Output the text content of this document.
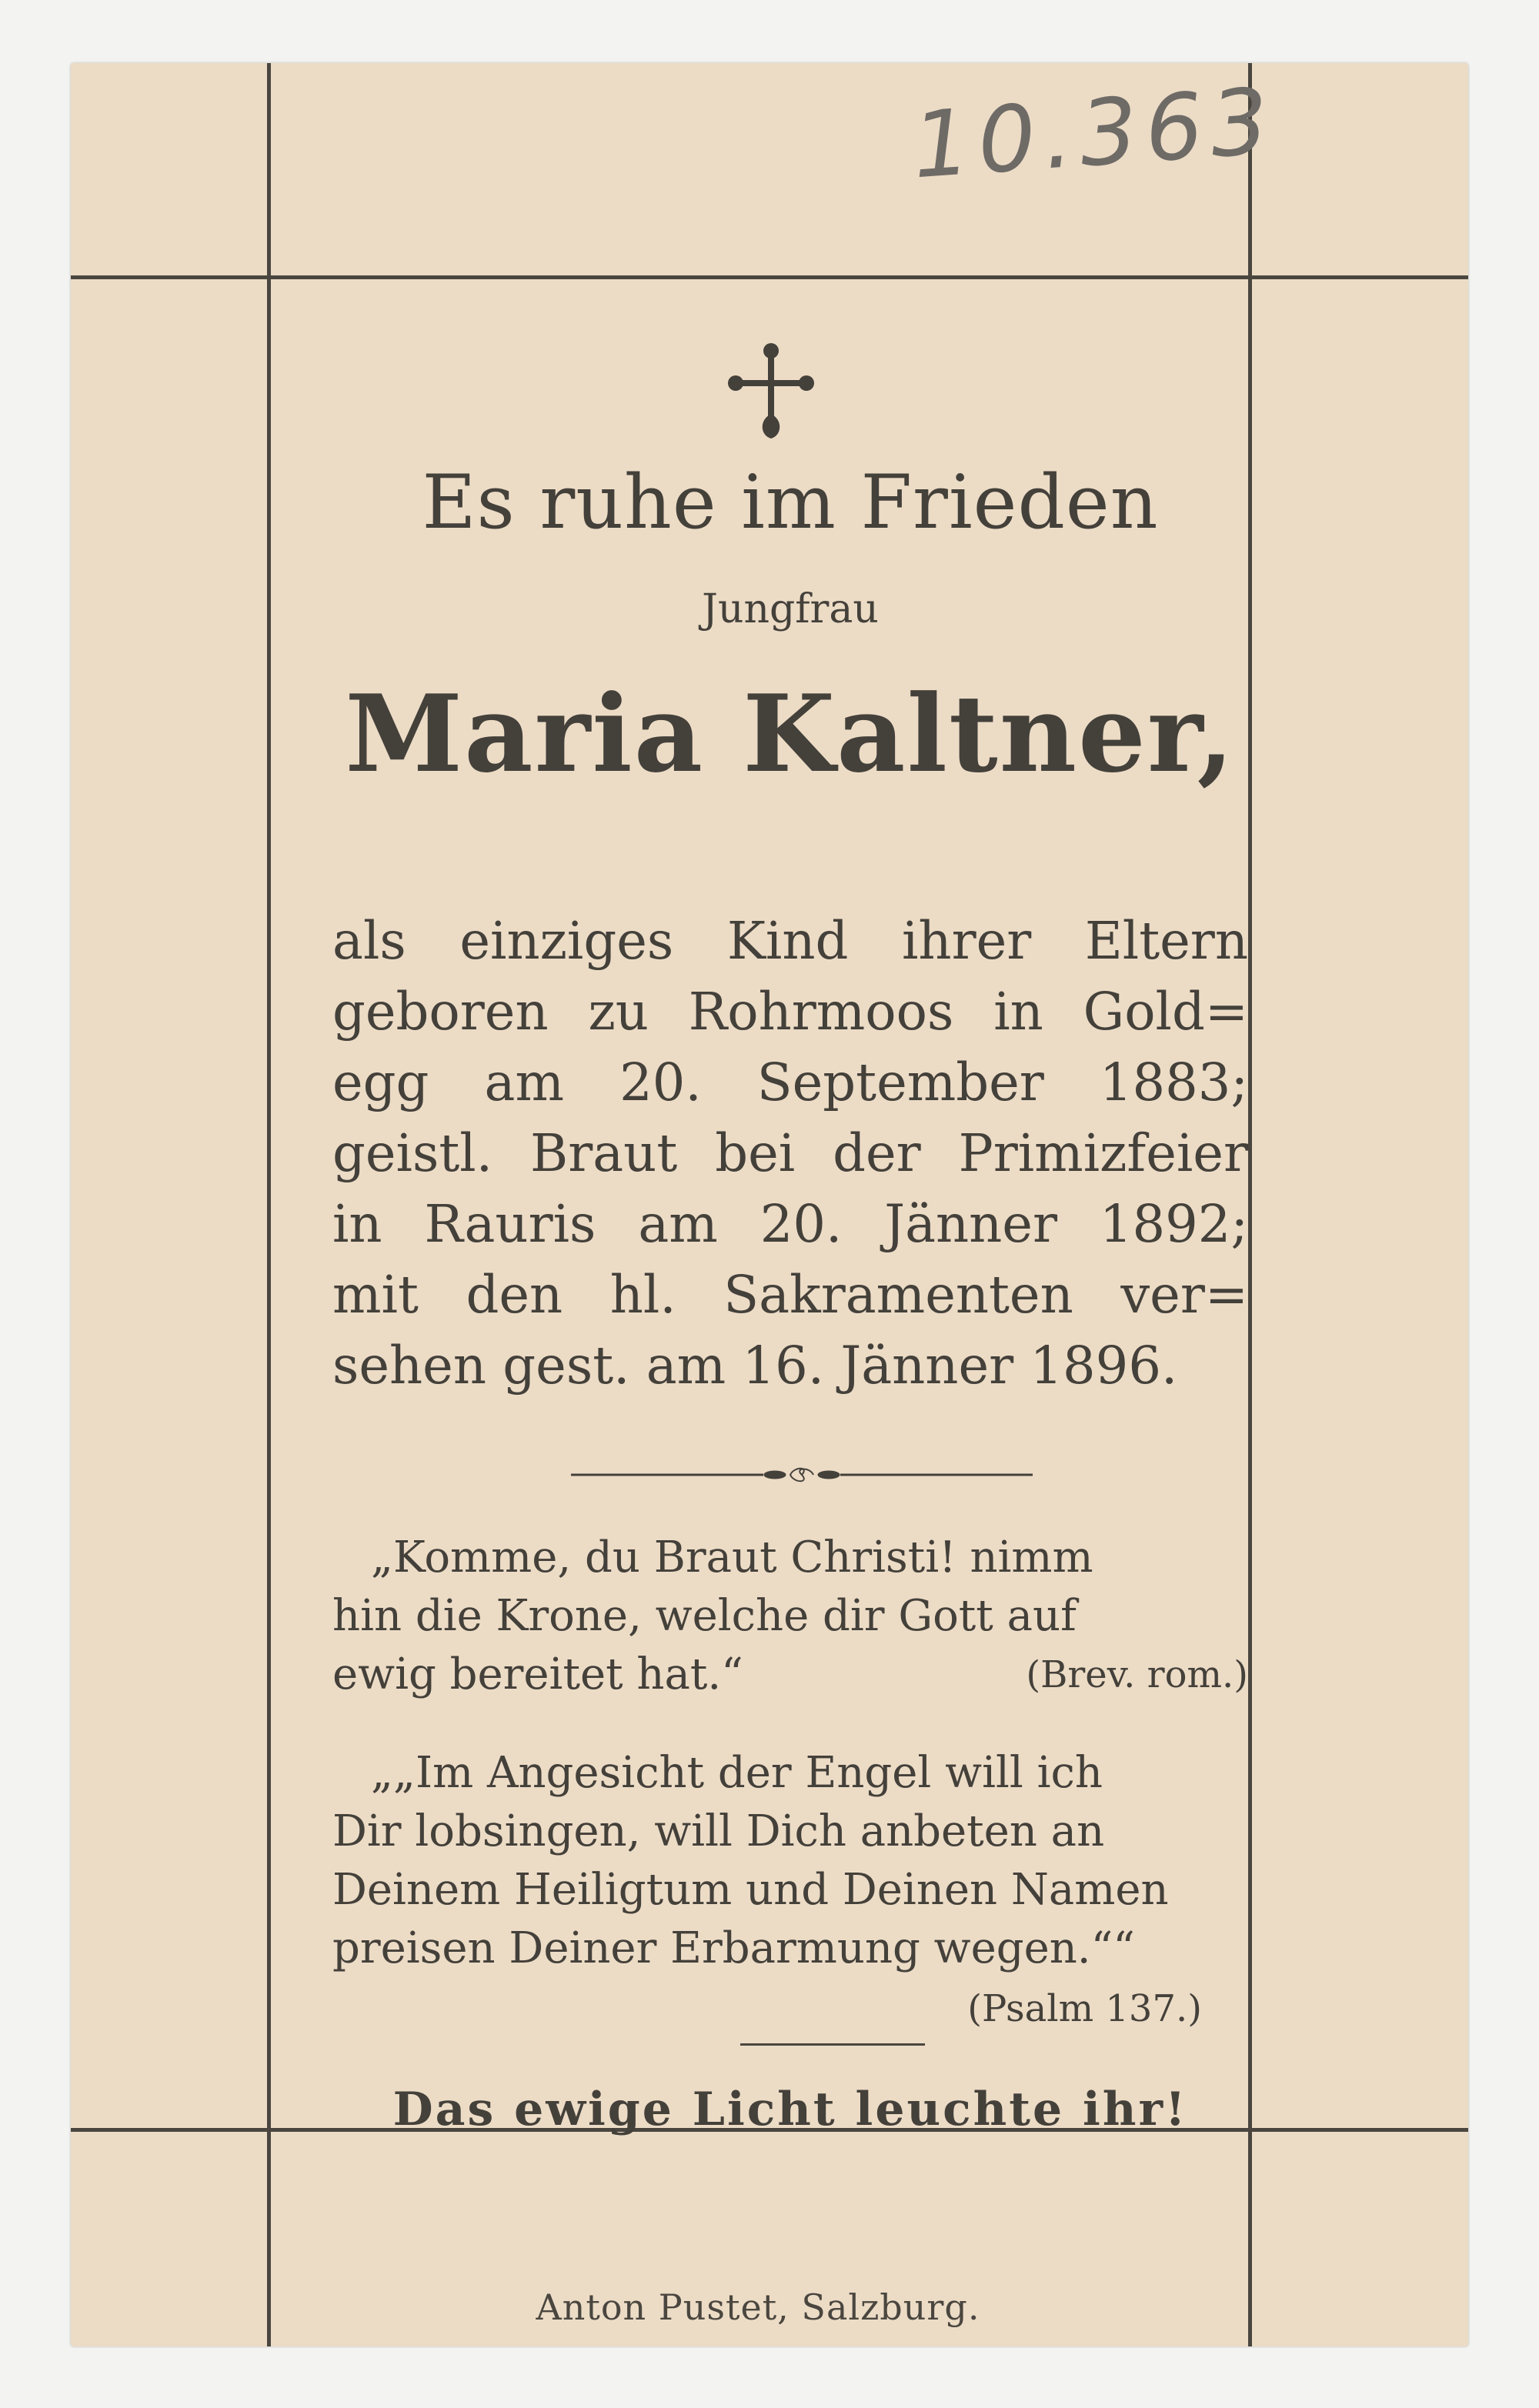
10.363
Es ruhe im Frieden
Jungfrau
Maria Kaltner,
als einziges Kind ihrer Eltern
geboren zu Rohrmoos in Gold=
egg am 20. September 1883;
geistl. Braut bei der Primizfeier
in Rauris am 20. Jänner 1892;
mit den hl. Sakramenten ver=
sehen gest. am 16. Jänner 1896.
„Komme, du Braut Christi! nimm
hin die Krone, welche dir Gott auf
ewig bereitet hat.“	(Brev. rom.)
„„Im Angesicht der Engel will ich
Dir lobsingen, will Dich anbeten an
Deinem Heiligtum und Deinen Namen
preisen Deiner Erbarmung wegen.““
(Psalm 137.)
Das ewige Licht leuchte ihr!
Anton Pustet, Salzburg.
